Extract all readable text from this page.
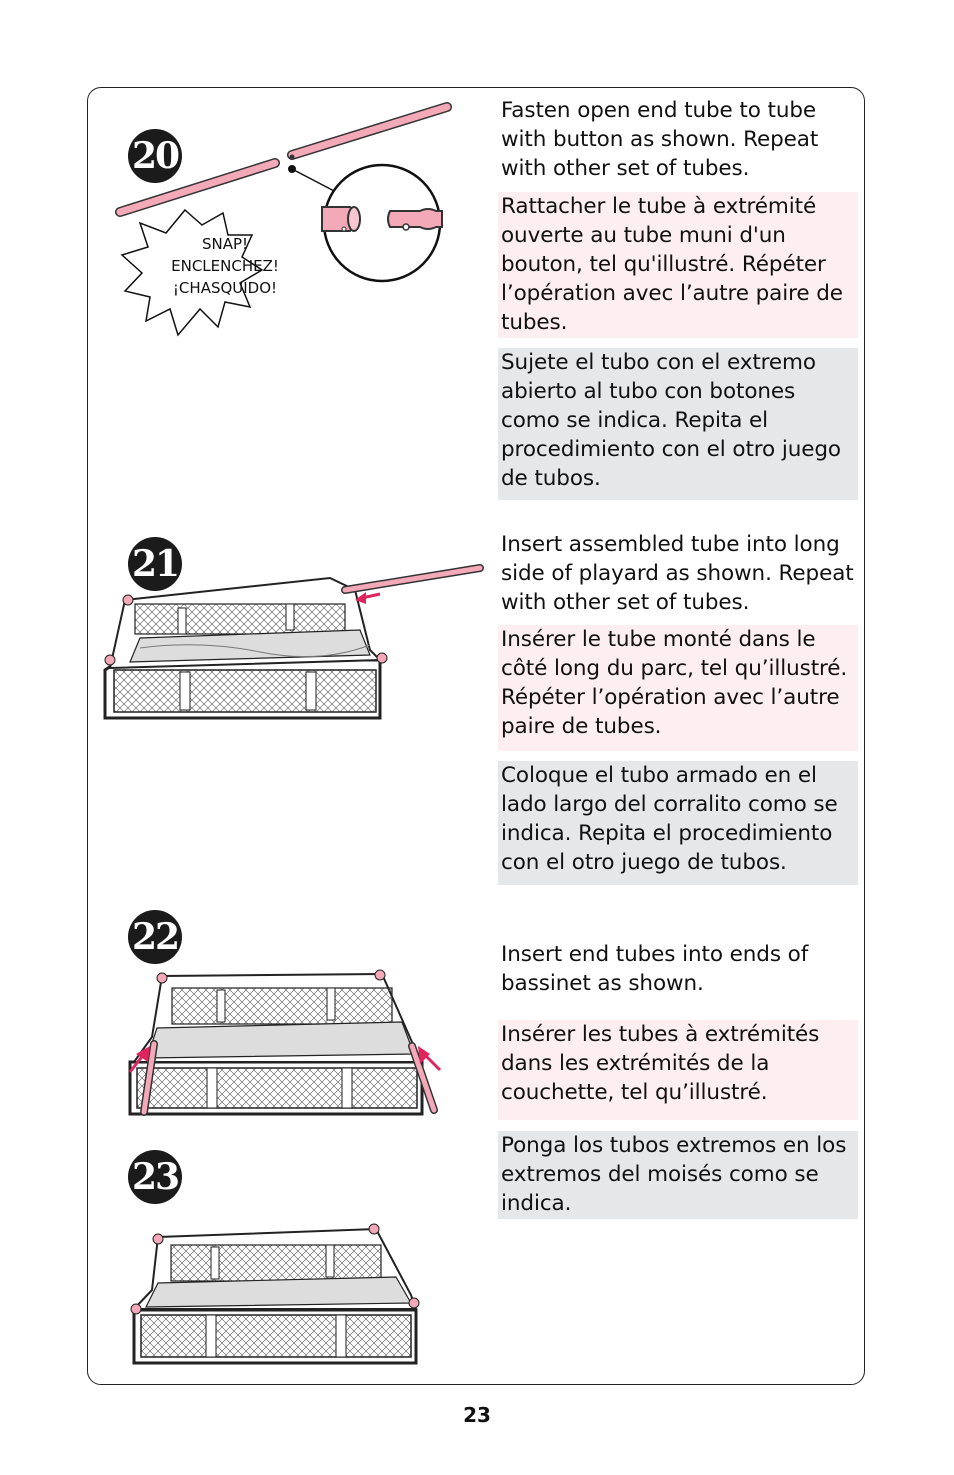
20
SNAP!
ENCLENCHEZ!
¡CHASQUIDO!
Fasten open end tube to tube with button as shown. Repeat with other set of tubes.
Rattacher le tube à extrémité ouverte au tube muni d'un bouton, tel qu'illustré. Répéter l’opération avec l’autre paire de tubes.
Sujete el tubo con el extremo abierto al tubo con botones como se indica. Repita el procedimiento con el otro juego de tubos.
21	Insert assembled tube into long side of playard as shown. Repeat with other set of tubes.
Insérer le tube monté dans le côté long du parc, tel qu’illustré. Répéter l’opération avec l’autre paire de tubes.
Coloque el tubo armado en el lado largo del corralito como se indica. Repita el procedimiento con el otro juego de tubos.
22	Insert end tubes into ends of bassinet as shown.
Insérer les tubes à extrémités dans les extrémités de la couchette, tel qu’illustré.
Ponga los tubos extremos en los extremos del moisés como se indica.
23
23
